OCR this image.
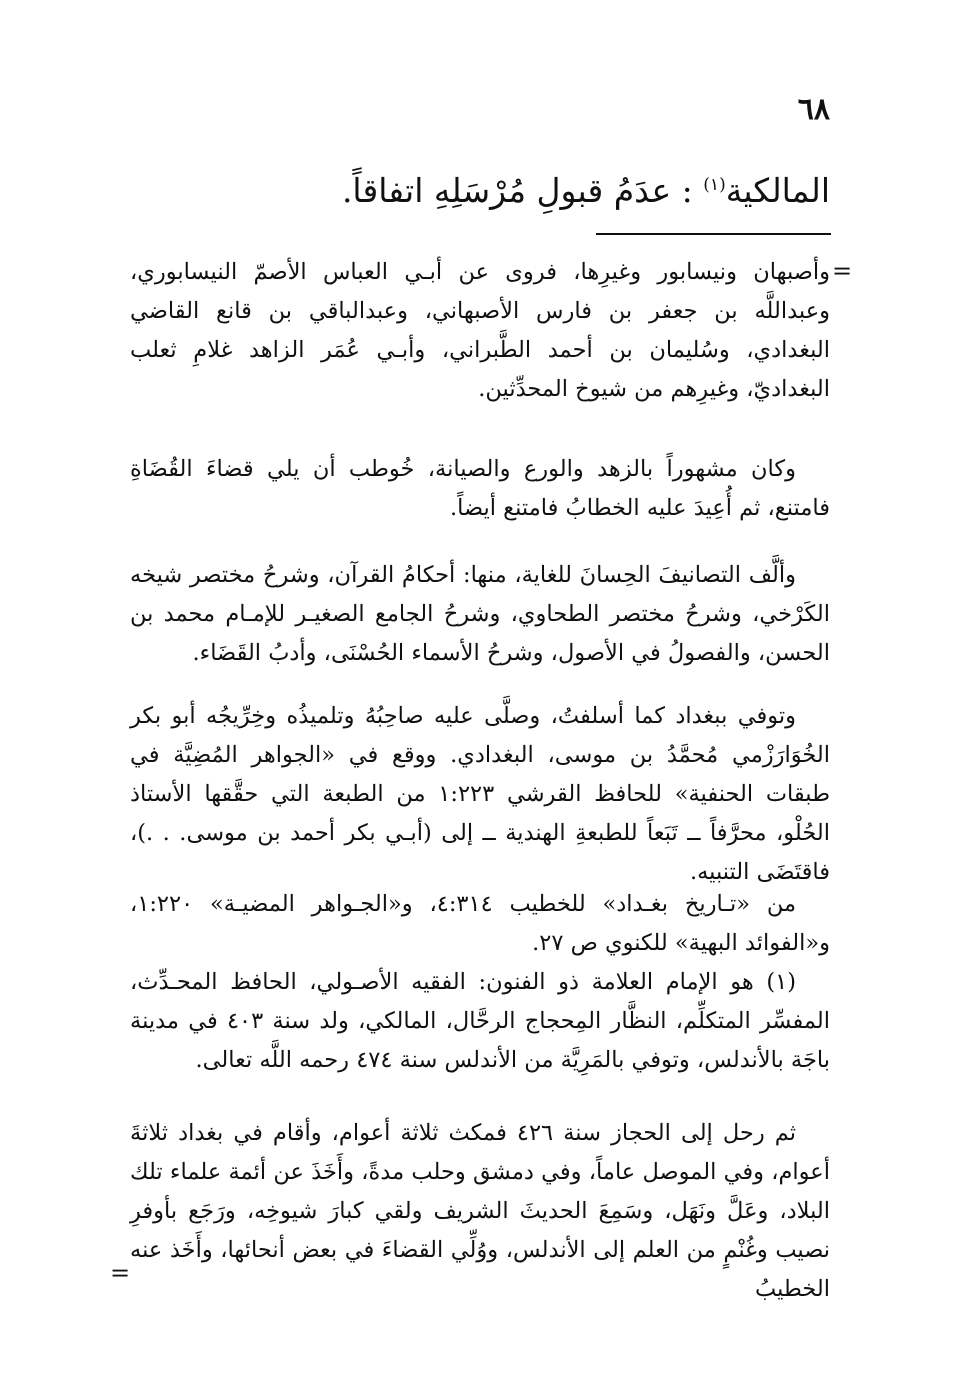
٦٨
المالكية$^{(١)}$ : عدَمُ قبولِ مُرْسَلِهِ اتفاقاً.
=

وأصبهان ونيسابور وغيرِها، فروى عن أبـي العباس الأصمّ النيسابوري، وعبداللَّه بن جعفر بن فارس الأصبهاني، وعبدالباقي بن قانع القاضي البغدادي، وسُليمان بن أحمد الطَّبراني، وأبـي عُمَر الزاهد غلامِ ثعلب البغداديّ، وغيرِهم من شيوخ المحدِّثين.

وكان مشهوراً بالزهد والورع والصيانة، خُوطب أن يلي قضاءَ القُضَاةِ فامتنع، ثم أُعِيدَ عليه الخطابُ فامتنع أيضاً.

وألَّف التصانيفَ الحِسانَ للغاية، منها: أحكامُ القرآن، وشرحُ مختصر شيخه الكَرْخي، وشرحُ مختصر الطحاوي، وشرحُ الجامع الصغيـر للإمـام محمد بن الحسن، والفصولُ في الأصول، وشرحُ الأسماء الحُسْنَى، وأدبُ القَضَاء.

وتوفي ببغداد كما أسلفتُ، وصلَّى عليه صاحِبُهُ وتلميذُه وخِرِّيجُه أبو بكر الخُوَارَزْمي مُحمَّدُ بن موسى، البغدادي. ووقع في «الجواهر المُضِيَّة في طبقات الحنفية» للحافظ القرشي ١:٢٢٣ من الطبعة التي حقَّقها الأستاذ الحُلْو، محرَّفاً ــ تَبَعاً للطبعةِ الهندية ــ إلى (أبـي بكر أحمد بن موسى. . .)، فاقتَضَى التنبيه.

من «تـاريخ بغـداد» للخطيب ٤:٣١٤، و«الجـواهر المضيـة» ١:٢٢٠، و«الفوائد البهية» للكنوي ص ٢٧.

(١) هو الإمام العلامة ذو الفنون: الفقيه الأصـولي، الحافظ المحـدِّث، المفسِّر المتكلِّم، النظَّار المِحجاج الرحَّال، المالكي، ولد سنة ٤٠٣ في مدينة باجَة بالأندلس، وتوفي بالمَرِيَّة من الأندلس سنة ٤٧٤ رحمه اللَّه تعالى.

ثم رحل إلى الحجاز سنة ٤٢٦ فمكث ثلاثة أعوام، وأقام في بغداد ثلاثةَ أعوام، وفي الموصل عاماً، وفي دمشق وحلب مدةً، وأَخَذَ عن أئمة علماء تلك البلاد، وعَلَّ ونَهَل، وسَمِعَ الحديثَ الشريف ولقي كبارَ شيوخِه، ورَجَع بأوفرِ نصيب وغُنْمٍ من العلم إلى الأندلس، ووُلِّي القضاءَ في بعض أنحائها، وأَخَذ عنه الخطيبُ

=
